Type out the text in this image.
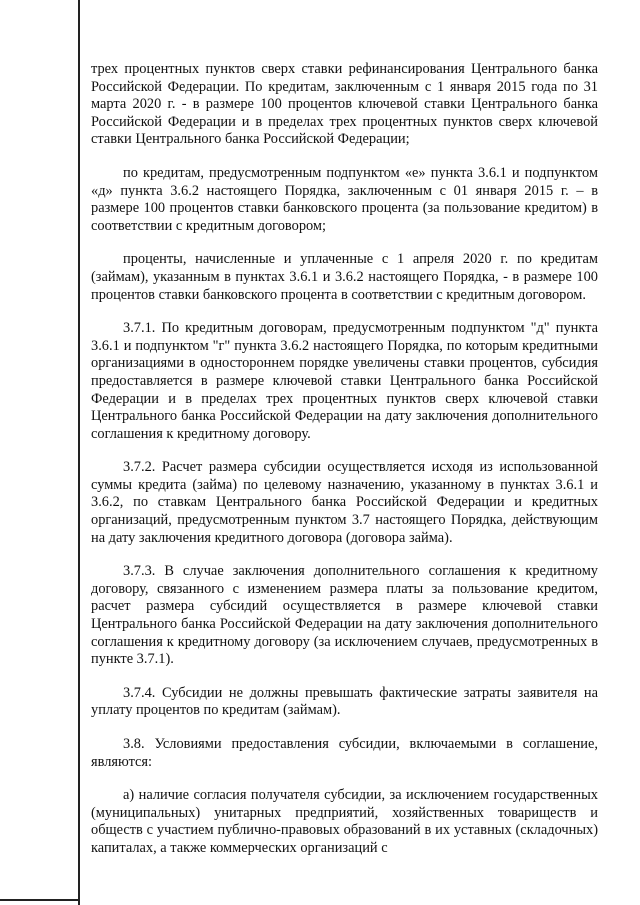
трех процентных пунктов сверх ставки рефинансирования Центрального банка Российской Федерации. По кредитам, заключенным с 1 января 2015 года по 31 марта 2020 г. - в размере 100 процентов ключевой ставки Центрального банка Российской Федерации и в пределах трех процентных пунктов сверх ключевой ставки Центрального банка Российской Федерации;

по кредитам, предусмотренным подпунктом «е» пункта 3.6.1 и подпунктом «д» пункта 3.6.2 настоящего Порядка, заключенным с 01 января 2015 г. – в размере 100 процентов ставки банковского процента (за пользование кредитом) в соответствии с кредитным договором;

проценты, начисленные и уплаченные с 1 апреля 2020 г. по кредитам (займам), указанным в пунктах 3.6.1 и 3.6.2 настоящего Порядка, - в размере 100 процентов ставки банковского процента в соответствии с кредитным договором.

3.7.1. По кредитным договорам, предусмотренным подпунктом "д" пункта 3.6.1 и подпунктом "г" пункта 3.6.2 настоящего Порядка, по которым кредитными организациями в одностороннем порядке увеличены ставки процентов, субсидия предоставляется в размере ключевой ставки Центрального банка Российской Федерации и в пределах трех процентных пунктов сверх ключевой ставки Центрального банка Российской Федерации на дату заключения дополнительного соглашения к кредитному договору.

3.7.2. Расчет размера субсидии осуществляется исходя из использованной суммы кредита (займа) по целевому назначению, указанному в пунктах 3.6.1 и 3.6.2, по ставкам Центрального банка Российской Федерации и кредитных организаций, предусмотренным пунктом 3.7 настоящего Порядка, действующим на дату заключения кредитного договора (договора займа).

3.7.3. В случае заключения дополнительного соглашения к кредитному договору, связанного с изменением размера платы за пользование кредитом, расчет размера субсидий осуществляется в размере ключевой ставки Центрального банка Российской Федерации на дату заключения дополнительного соглашения к кредитному договору (за исключением случаев, предусмотренных в пункте 3.7.1).

3.7.4. Субсидии не должны превышать фактические затраты заявителя на уплату процентов по кредитам (займам).

3.8. Условиями предоставления субсидии, включаемыми в соглашение, являются:

а) наличие согласия получателя субсидии, за исключением государственных (муниципальных) унитарных предприятий, хозяйственных товариществ и обществ с участием публично-правовых образований в их уставных (складочных) капиталах, а также коммерческих организаций с
